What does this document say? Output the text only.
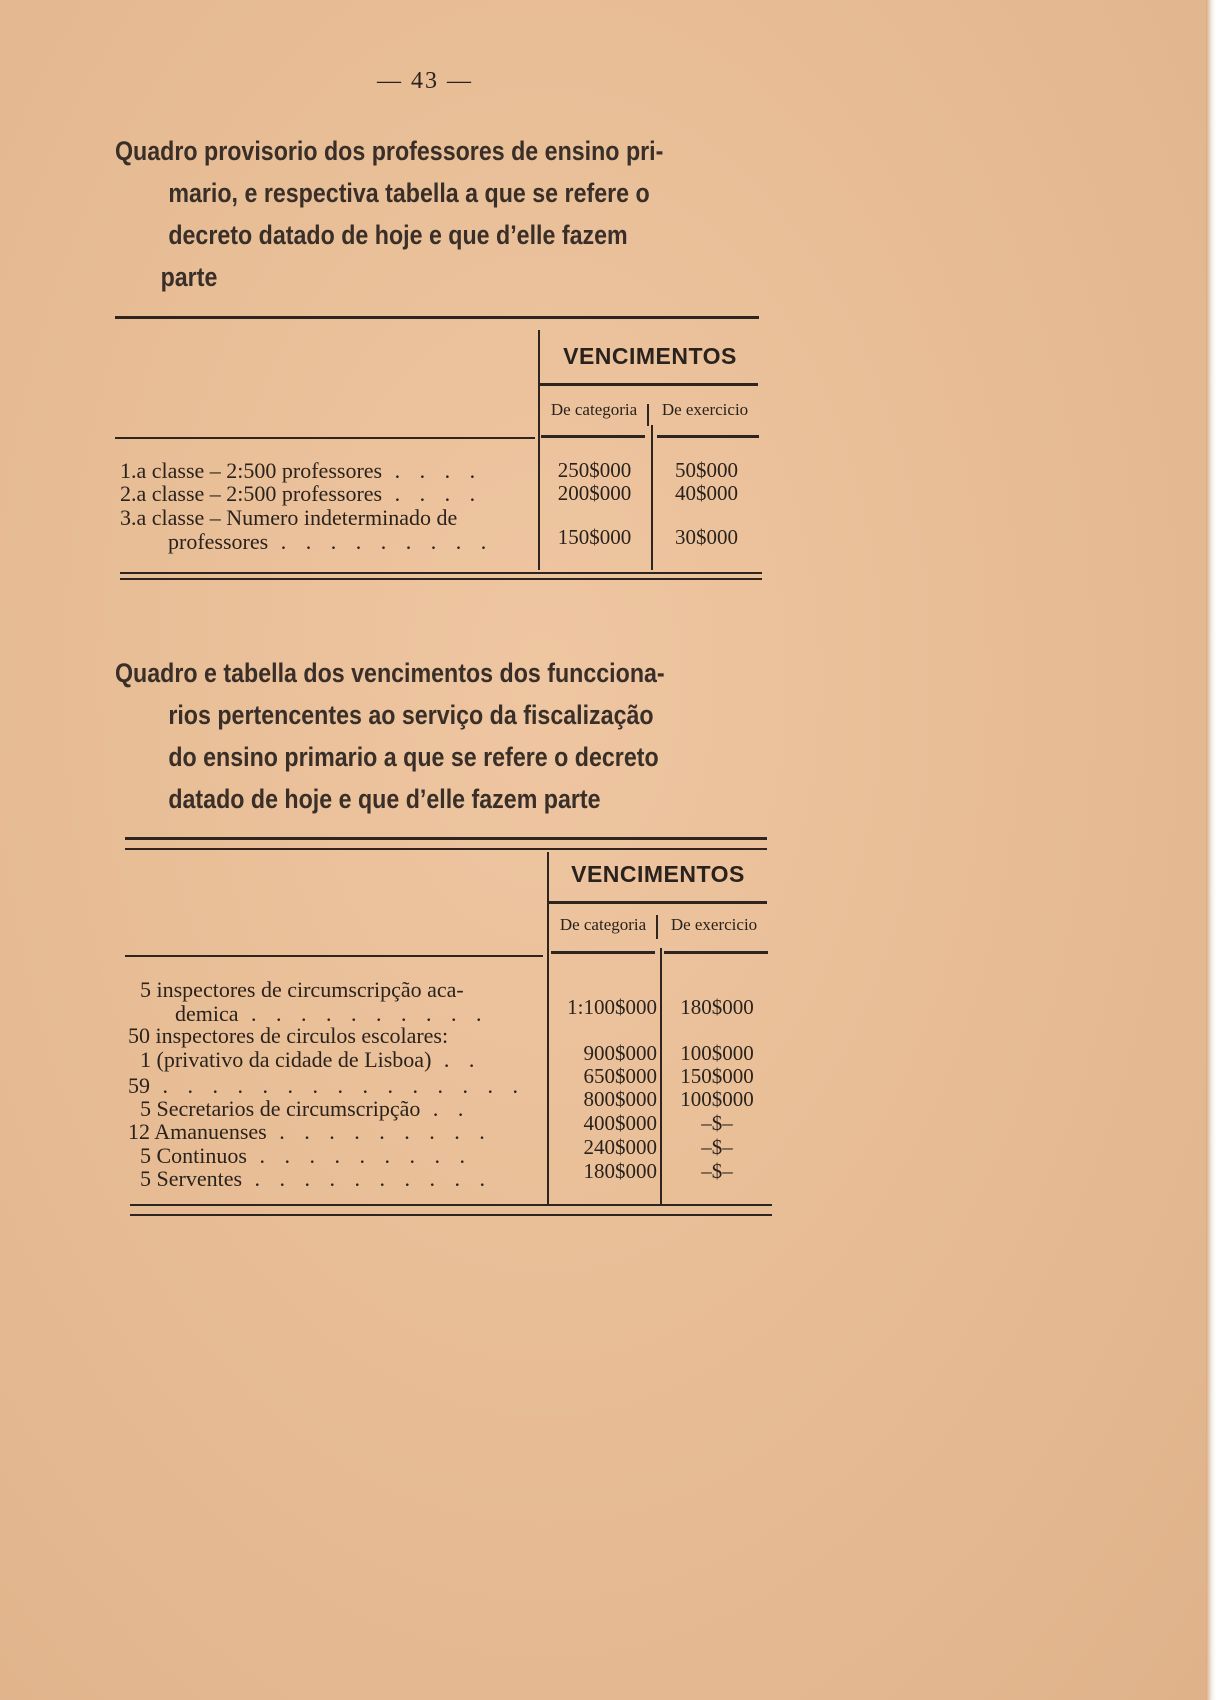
— 43 —
Quadro provisorio dos professores de ensino pri-
mario, e respectiva tabella a que se refere o
decreto datado de hoje e que d’elle fazem
parte
VENCIMENTOS
De categoria	De exercicio
1.a classe – 2:500 professores . . . .	250$000	50$000
2.a classe – 2:500 professores . . . .	200$000	40$000
3.a classe – Numero indeterminado de
professores . . . . . . . . .	150$000	30$000
Quadro e tabella dos vencimentos dos funcciona-
rios pertencentes ao serviço da fiscalização
do ensino primario a que se refere o decreto
datado de hoje e que d’elle fazem parte
VENCIMENTOS
De categoria	De exercicio
5 inspectores de circumscripção aca-
demica . . . . . . . . . .	1:100$000	180$000
50 inspectores de circulos escolares:
1 (privativo da cidade de Lisboa) . .	900$000	100$000
59 . . . . . . . . . . . . . . .	650$000	150$000
5 Secretarios de circumscripção . .	800$000	100$000
12 Amanuenses . . . . . . . . .	400$000	–$–
5 Continuos . . . . . . . . .	240$000	–$–
5 Serventes . . . . . . . . . .	180$000	–$–
